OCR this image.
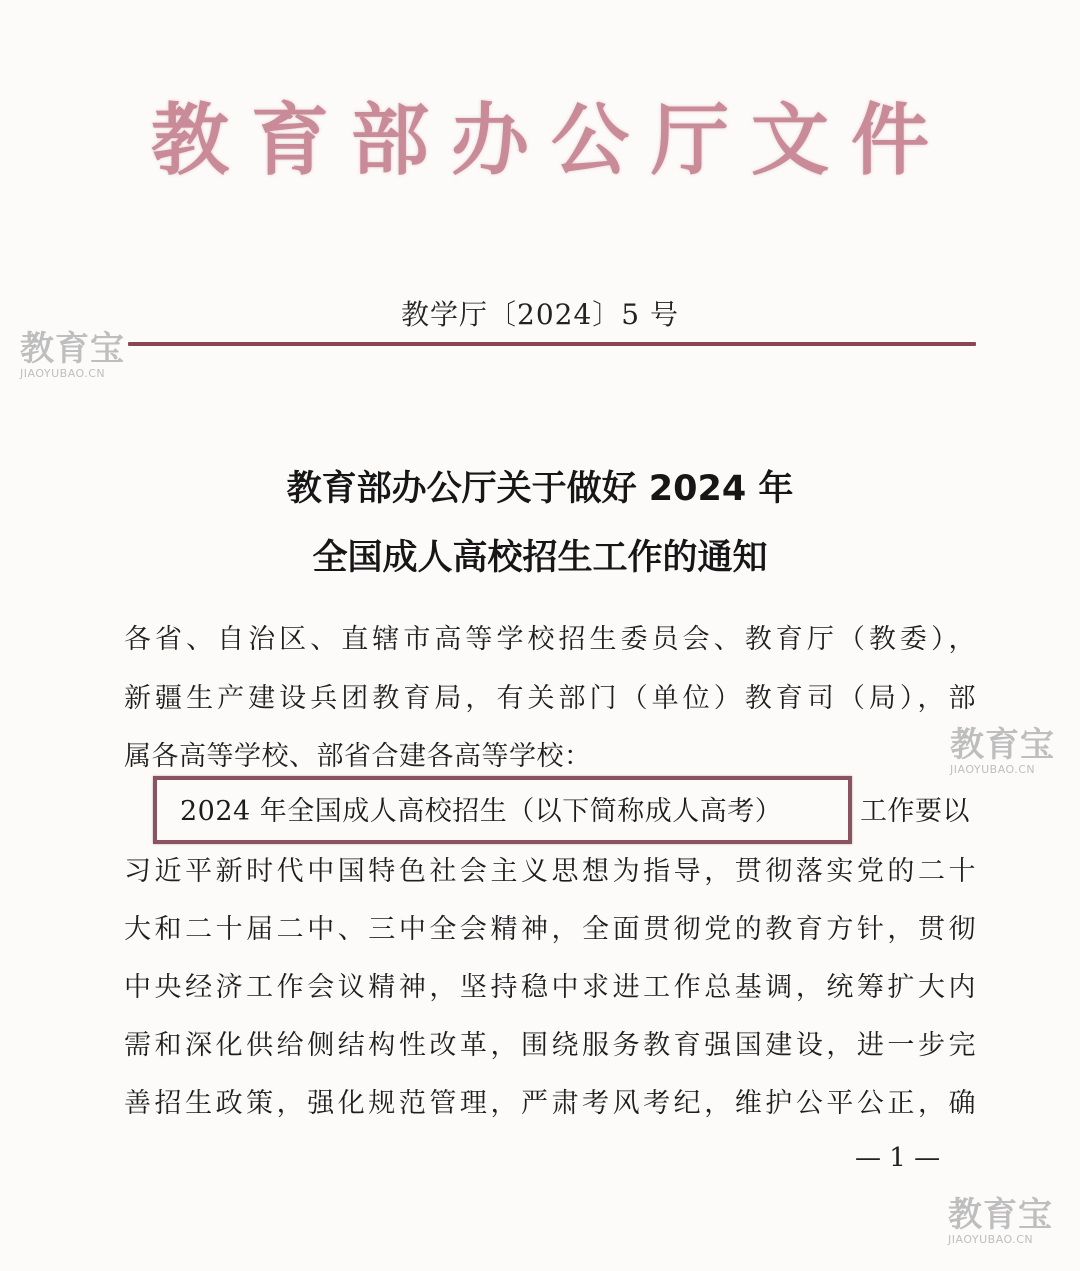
教育部办公厅文件
教学厅〔2024〕5 号
教育部办公厅关于做好 2024 年
全国成人高校招生工作的通知
各省、自治区、直辖市高等学校招生委员会、教育厅（教委），
新疆生产建设兵团教育局，有关部门（单位）教育司（局），部
属各高等学校、部省合建各高等学校：
2024 年全国成人高校招生（以下简称成人高考）	工作要以
习近平新时代中国特色社会主义思想为指导，贯彻落实党的二十
大和二十届二中、三中全会精神，全面贯彻党的教育方针，贯彻
中央经济工作会议精神，坚持稳中求进工作总基调，统筹扩大内
需和深化供给侧结构性改革，围绕服务教育强国建设，进一步完
善招生政策，强化规范管理，严肃考风考纪，维护公平公正，确
— 1 —
教育宝
JIAOYUBAO.CN
教育宝
JIAOYUBAO.CN
教育宝
JIAOYUBAO.CN
